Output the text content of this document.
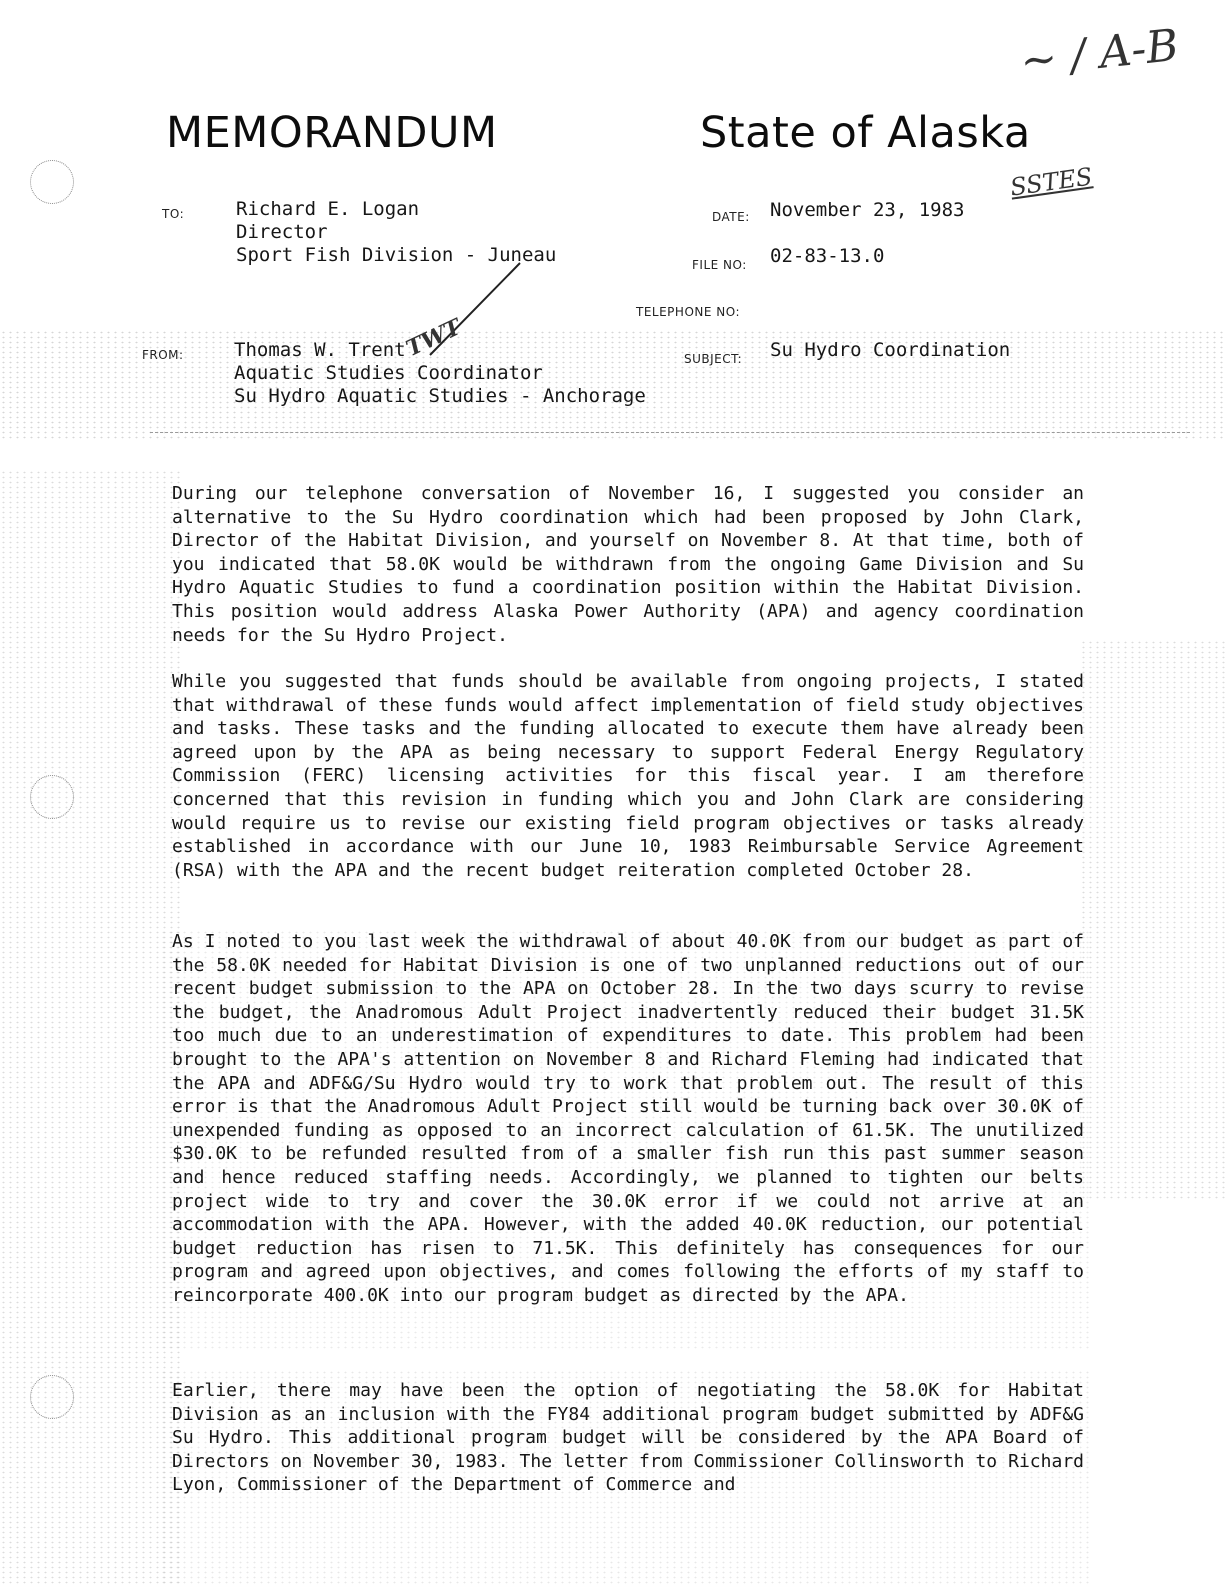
~ / A-B
SSTES
TWT
MEMORANDUM	State of Alaska
TO:	Richard E. Logan
Director
Sport Fish Division - Juneau
DATE: November 23, 1983
FILE NO: 02-83-13.0
TELEPHONE NO:
FROM:	Thomas W. Trent
Aquatic Studies Coordinator
Su Hydro Aquatic Studies - Anchorage
SUBJECT: Su Hydro Coordination
During our telephone conversation of November 16, I suggested you consider an alternative to the Su Hydro coordination which had been proposed by John Clark, Director of the Habitat Division, and yourself on November 8. At that time, both of you indicated that 58.0K would be withdrawn from the ongoing Game Division and Su Hydro Aquatic Studies to fund a coordination position within the Habitat Division. This position would address Alaska Power Authority (APA) and agency coordination needs for the Su Hydro Project.
While you suggested that funds should be available from ongoing projects, I stated that withdrawal of these funds would affect implementation of field study objectives and tasks. These tasks and the funding allocated to execute them have already been agreed upon by the APA as being necessary to support Federal Energy Regulatory Commission (FERC) licensing activities for this fiscal year. I am therefore concerned that this revision in funding which you and John Clark are considering would require us to revise our existing field program objectives or tasks already established in accordance with our June 10, 1983 Reimbursable Service Agreement (RSA) with the APA and the recent budget reiteration completed October 28.
As I noted to you last week the withdrawal of about 40.0K from our budget as part of the 58.0K needed for Habitat Division is one of two unplanned reductions out of our recent budget submission to the APA on October 28. In the two days scurry to revise the budget, the Anadromous Adult Project inadvertently reduced their budget 31.5K too much due to an underestimation of expenditures to date. This problem had been brought to the APA's attention on November 8 and Richard Fleming had indicated that the APA and ADF&G/Su Hydro would try to work that problem out. The result of this error is that the Anadromous Adult Project still would be turning back over 30.0K of unexpended funding as opposed to an incorrect calculation of 61.5K. The unutilized $30.0K to be refunded resulted from of a smaller fish run this past summer season and hence reduced staffing needs. Accordingly, we planned to tighten our belts project wide to try and cover the 30.0K error if we could not arrive at an accommodation with the APA. However, with the added 40.0K reduction, our potential budget reduction has risen to 71.5K. This definitely has consequences for our program and agreed upon objectives, and comes following the efforts of my staff to reincorporate 400.0K into our program budget as directed by the APA.
Earlier, there may have been the option of negotiating the 58.0K for Habitat Division as an inclusion with the FY84 additional program budget submitted by ADF&G Su Hydro. This additional program budget will be considered by the APA Board of Directors on November 30, 1983. The letter from Commissioner Collinsworth to Richard Lyon, Commissioner of the Department of Commerce and
